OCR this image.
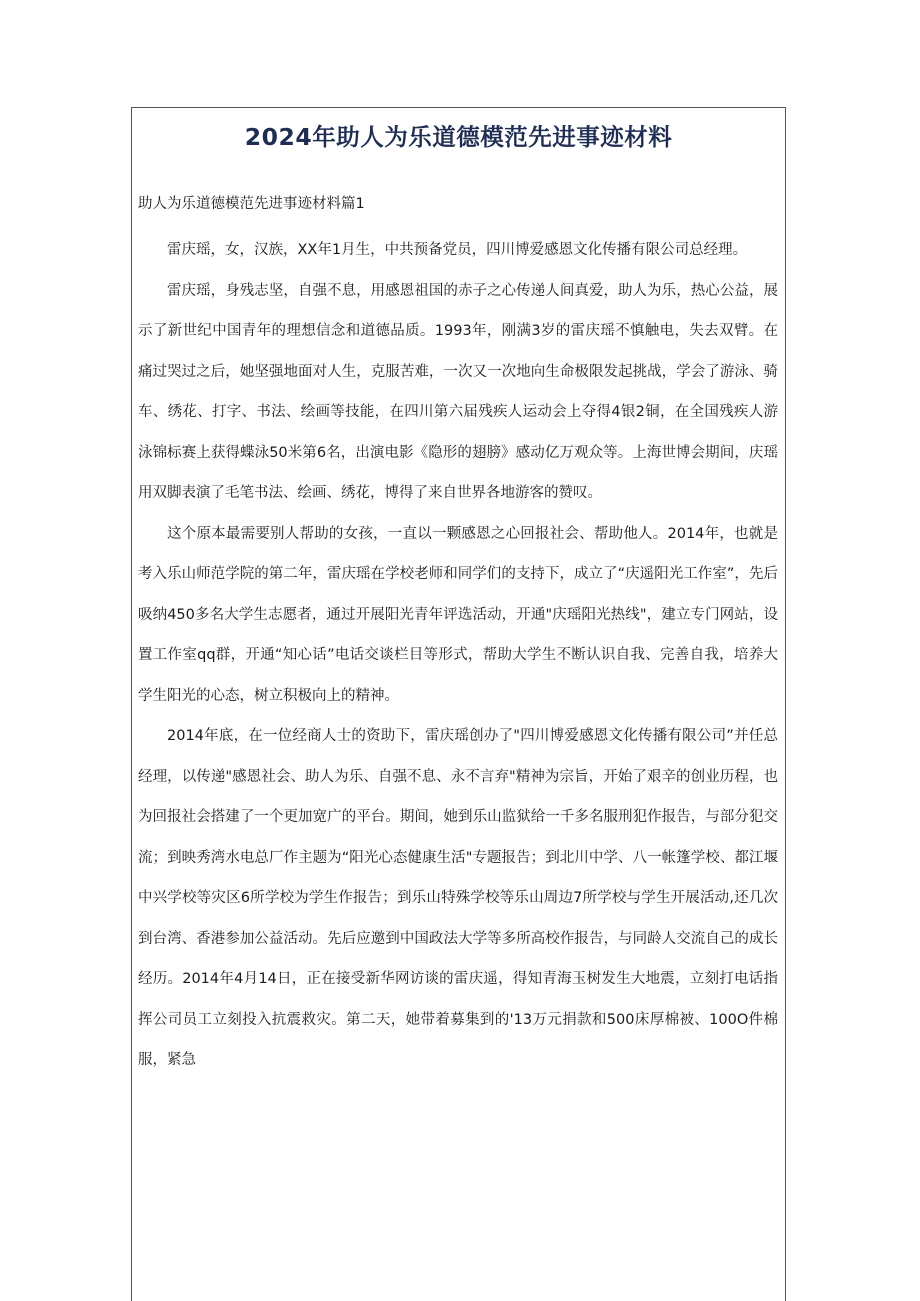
2024年助人为乐道德模范先进事迹材料
助人为乐道德模范先进事迹材料篇1

雷庆瑶，女，汉族，XX年1月生，中共预备党员，四川博爱感恩文化传播有限公司总经理。

雷庆瑶，身残志坚，自强不息，用感恩祖国的赤子之心传递人间真爱，助人为乐，热心公益，展示了新世纪中国青年的理想信念和道德品质。1993年，刚满3岁的雷庆瑶不慎触电，失去双臂。在痛过哭过之后，她坚强地面对人生，克服苦难，一次又一次地向生命极限发起挑战，学会了游泳、骑车、绣花、打字、书法、绘画等技能，在四川第六届残疾人运动会上夺得4银2铜，在全国残疾人游泳锦标赛上获得蝶泳50米第6名，出演电影《隐形的翅膀》感动亿万观众等。上海世博会期间，庆瑶用双脚表演了毛笔书法、绘画、绣花，博得了来自世界各地游客的赞叹。

这个原本最需要别人帮助的女孩，一直以一颗感恩之心回报社会、帮助他人。2014年，也就是考入乐山师范学院的第二年，雷庆瑶在学校老师和同学们的支持下，成立了“庆遥阳光工作室”，先后吸纳450多名大学生志愿者，通过开展阳光青年评选活动，开通"庆瑶阳光热线"，建立专门网站，设置工作室qq群，开通“知心话”电话交谈栏目等形式，帮助大学生不断认识自我、完善自我，培养大学生阳光的心态，树立积极向上的精神。

2014年底，在一位经商人士的资助下，雷庆瑶创办了"四川博爱感恩文化传播有限公司”并任总经理，以传递"感恩社会、助人为乐、自强不息、永不言弃"精神为宗旨，开始了艰辛的创业历程，也为回报社会搭建了一个更加宽广的平台。期间，她到乐山监狱给一千多名服刑犯作报告，与部分犯交流；到映秀湾水电总厂作主题为“阳光心态健康生活"专题报告；到北川中学、八一帐篷学校、都江堰中兴学校等灾区6所学校为学生作报告；到乐山特殊学校等乐山周边7所学校与学生开展活动,还几次到台湾、香港参加公益活动。先后应邀到中国政法大学等多所高校作报告，与同龄人交流自己的成长经历。2014年4月14日，正在接受新华网访谈的雷庆遥，得知青海玉树发生大地震，立刻打电话指挥公司员工立刻投入抗震救灾。第二天，她带着募集到的'13万元捐款和500床厚棉被、100O件棉服，紧急
